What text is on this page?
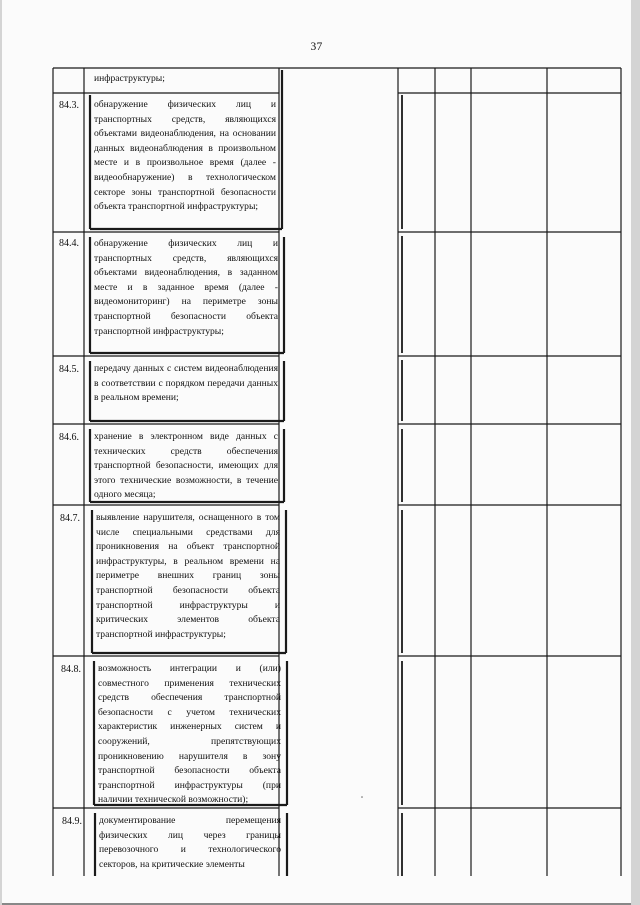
37
инфраструктуры;
84.3. обнаружение физических лиц и транспортных средств, являющихся объектами видеонаблюдения, на основании данных видеонаблюдения в произвольном месте и в произвольное время (далее - видеообнаружение) в технологическом секторе зоны транспортной безопасности объекта транспортной инфраструктуры;
84.4. обнаружение физических лиц и транспортных средств, являющихся объектами видеонаблюдения, в заданном месте и в заданное время (далее - видеомониторинг) на периметре зоны транспортной безопасности объекта транспортной инфраструктуры;
84.5. передачу данных с систем видеонаблюдения в соответствии с порядком передачи данных в реальном времени;
84.6. хранение в электронном виде данных с технических средств обеспечения транспортной безопасности, имеющих для этого технические возможности, в течение одного месяца;
84.7. выявление нарушителя, оснащенного в том числе специальными средствами для проникновения на объект транспортной инфраструктуры, в реальном времени на периметре внешних границ зоны транспортной безопасности объекта транспортной инфраструктуры и критических элементов объекта транспортной инфраструктуры;
84.8. возможность интеграции и (или) совместного применения технических средств обеспечения транспортной безопасности с учетом технических характеристик инженерных систем и сооружений, препятствующих проникновению нарушителя в зону транспортной безопасности объекта транспортной инфраструктуры (при наличии технической возможности);
84.9. документирование перемещения физических лиц через границы перевозочного и технологического секторов, на критические элементы
